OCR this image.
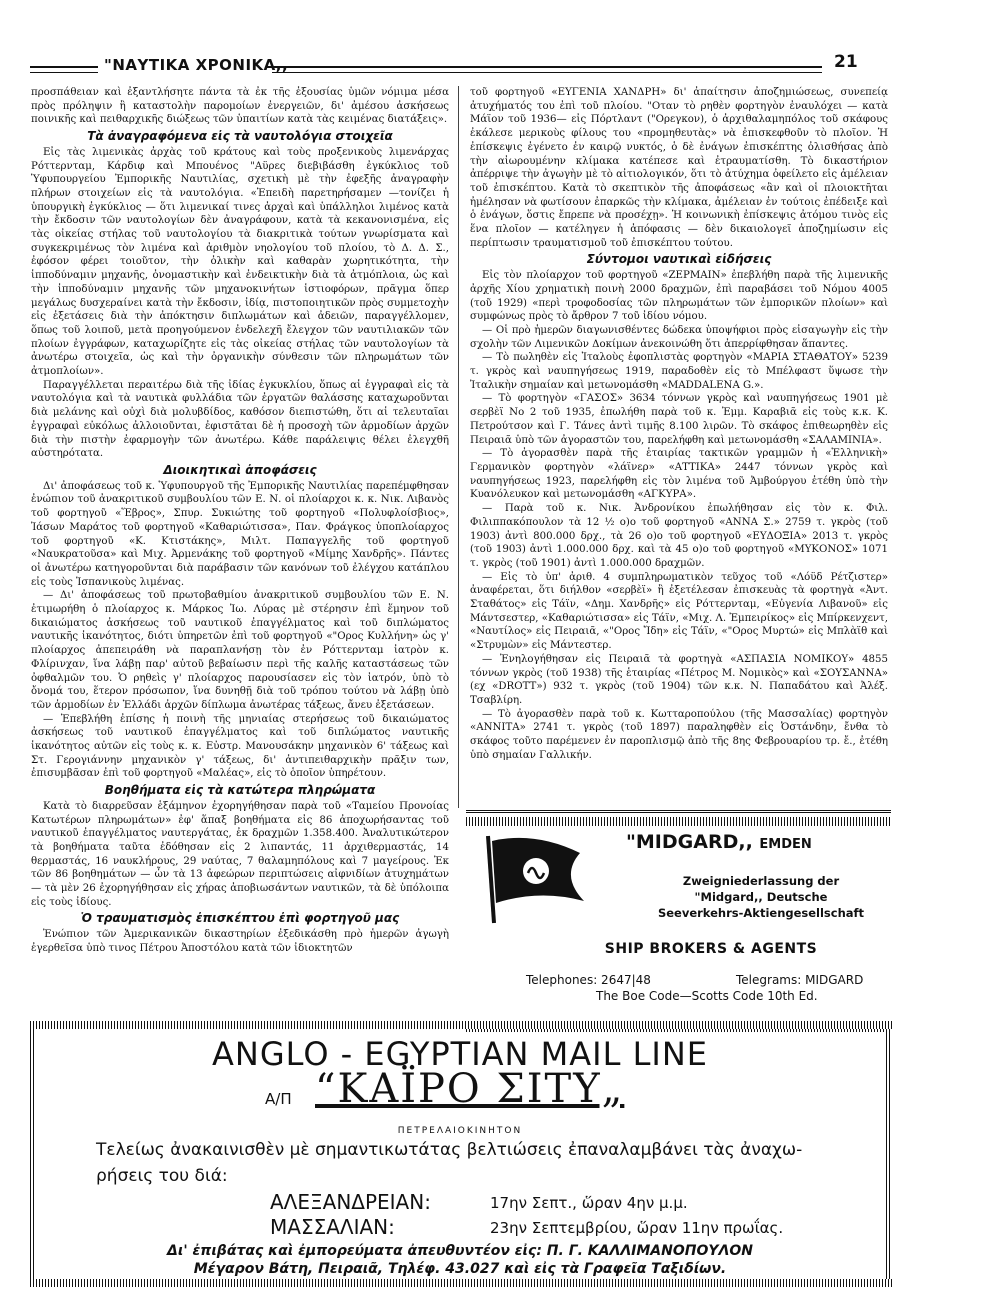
"ΝΑΥΤΙΚΑ ΧΡΟΝΙΚΑ,,	21

προσπάθειαν καὶ ἐξαντλήσητε πάντα τὰ ἐκ τῆς ἐξουσίας ὑμῶν νόμιμα μέσα πρὸς πρόληψιν ἢ καταστολὴν παρομοίων ἐνεργειῶν, δι' ἀμέσου ἀσκήσεως ποινικῆς καὶ πειθαρχικῆς διώξεως τῶν ὑπαιτίων κατὰ τὰς κειμένας διατάξεις».

Τὰ ἀναγραφόμενα εἰς τὰ ναυτολόγια στοιχεῖα

Εἰς τὰς λιμενικὰς ἀρχὰς τοῦ κράτους καὶ τοὺς προξενικοὺς λιμενάρχας Ρόττερνταμ, Κάρδιφ καὶ Μπουένος "Αϋρες διεβιβάσθη ἐγκύκλιος τοῦ Ὑφυπουργείου Ἐμπορικῆς Ναυτιλίας, σχετικὴ μὲ τὴν ἐφεξῆς ἀναγραφὴν πλήρων στοιχείων εἰς τὰ ναυτολόγια. «Ἐπειδὴ παρετηρήσαμεν —τονίζει ἡ ὑπουργικὴ ἐγκύκλιος — ὅτι λιμενικαί τινες ἀρχαὶ καὶ ὑπάλληλοι λιμένος κατὰ τὴν ἔκδοσιν τῶν ναυτολογίων δὲν ἀναγράφουν, κατὰ τὰ κεκανονισμένα, εἰς τὰς οἰκείας στήλας τοῦ ναυτολογίου τὰ διακριτικὰ τούτων γνωρίσματα καὶ συγκεκριμένως τὸν λιμένα καὶ ἀριθμὸν νηολογίου τοῦ πλοίου, τὸ Δ. Δ. Σ., ἐφόσον φέρει τοιοῦτον, τὴν ὁλικὴν καὶ καθαρὰν χωρητικότητα, τὴν ἱπποδύναμιν μηχανῆς, ὀνομαστικὴν καὶ ἐνδεικτικὴν διὰ τὰ ἀτμόπλοια, ὡς καὶ τὴν ἱπποδύναμιν μηχανῆς τῶν μηχανοκινήτων ἱστιοφόρων, πρᾶγμα ὅπερ μεγάλως δυσχεραίνει κατὰ τὴν ἔκδοσιν, ἰδίᾳ, πιστοποιητικῶν πρὸς συμμετοχὴν εἰς ἐξετάσεις διὰ τὴν ἀπόκτησιν διπλωμάτων καὶ ἀδειῶν, παραγγέλλομεν, ὅπως τοῦ λοιποῦ, μετὰ προηγούμενον ἐνδελεχῆ ἔλεγχον τῶν ναυτιλιακῶν τῶν πλοίων ἐγγράφων, καταχωρίζητε εἰς τὰς οἰκείας στήλας τῶν ναυτολογίων τὰ ἀνωτέρω στοιχεῖα, ὡς καὶ τὴν ὀργανικὴν σύνθεσιν τῶν πληρωμάτων τῶν ἀτμοπλοίων».

Παραγγέλλεται περαιτέρω διὰ τῆς ἰδίας ἐγκυκλίου, ὅπως αἱ ἐγγραφαὶ εἰς τὰ ναυτολόγια καὶ τὰ ναυτικὰ φυλλάδια τῶν ἐργατῶν θαλάσσης καταχωροῦνται διὰ μελάνης καὶ οὐχὶ διὰ μολυβδίδος, καθόσον διεπιστώθη, ὅτι αἱ τελευταῖαι ἐγγραφαὶ εὐκόλως ἀλλοιοῦνται, ἐφιστᾶται δὲ ἡ προσοχὴ τῶν ἁρμοδίων ἀρχῶν διὰ τὴν πιστὴν ἐφαρμογὴν τῶν ἀνωτέρω. Κάθε παράλειψις θέλει ἐλεγχθῆ αὐστηρότατα.

Διοικητικαὶ ἀποφάσεις

Δι' ἀποφάσεως τοῦ κ. Ὑφυπουργοῦ τῆς Ἐμπορικῆς Ναυτιλίας παρεπέμφθησαν ἐνώπιον τοῦ ἀνακριτικοῦ συμβουλίου τῶν Ε. Ν. οἱ πλοίαρχοι κ. κ. Νικ. Λιβανὸς τοῦ φορτηγοῦ «Ἕβρος», Σπυρ. Συκιώτης τοῦ φορτηγοῦ «Πολυφλοίσβιος», Ἰάσων Μαράτος τοῦ φορτηγοῦ «Καθαριώτισσα», Παν. Φράγκος ὑποπλοίαρχος τοῦ φορτηγοῦ «Κ. Κτιστάκης», Μιλτ. Παπαγγελῆς τοῦ φορτηγοῦ «Ναυκρατοῦσα» καὶ Μιχ. Ἀρμενάκης τοῦ φορτηγοῦ «Μίμης Χανδρῆς». Πάντες οἱ ἀνωτέρω κατηγοροῦνται διὰ παράβασιν τῶν κανόνων τοῦ ἐλέγχου κατάπλου εἰς τοὺς Ἱσπανικοὺς λιμένας.

— Δι' ἀποφάσεως τοῦ πρωτοβαθμίου ἀνακριτικοῦ συμβουλίου τῶν Ε. Ν. ἐτιμωρήθη ὁ πλοίαρχος κ. Μάρκος Ἰω. Λύρας μὲ στέρησιν ἐπὶ ἕμηνον τοῦ δικαιώματος ἀσκήσεως τοῦ ναυτικοῦ ἐπαγγέλματος καὶ τοῦ διπλώματος ναυτικῆς ἱκανότητος, διότι ὑπηρετῶν ἐπὶ τοῦ φορτηγοῦ «"Ορος Κυλλήνη» ὡς γ' πλοίαρχος ἀπεπειράθη νὰ παραπλανήσῃ τὸν ἐν Ρόττερνταμ ἰατρὸν κ. Φλίρινχαν, ἵνα λάβῃ παρ' αὐτοῦ βεβαίωσιν περὶ τῆς καλῆς καταστάσεως τῶν ὀφθαλμῶν του. Ὁ ρηθεὶς γ' πλοίαρχος παρουσίασεν εἰς τὸν ἰατρόν, ὑπὸ τὸ ὄνομά του, ἕτερον πρόσωπον, ἵνα δυνηθῇ διὰ τοῦ τρόπου τούτου νὰ λάβῃ ὑπὸ τῶν ἁρμοδίων ἐν Ἑλλάδι ἀρχῶν δίπλωμα ἀνωτέρας τάξεως, ἄνευ ἐξετάσεων.

— Ἐπεβλήθη ἐπίσης ἡ ποινὴ τῆς μηνιαίας στερήσεως τοῦ δικαιώματος ἀσκήσεως τοῦ ναυτικοῦ ἐπαγγέλματος καὶ τοῦ διπλώματος ναυτικῆς ἱκανότητος αὐτῶν εἰς τοὺς κ. κ. Εὐστρ. Μανουσάκην μηχανικὸν 6' τάξεως καὶ Στ. Γερογιάννην μηχανικὸν γ' τάξεως, δι' ἀντιπειθαρχικὴν πρᾶξιν των, ἐπισυμβᾶσαν ἐπὶ τοῦ φορτηγοῦ «Μαλέας», εἰς τὸ ὁποῖον ὑπηρέτουν.

Βοηθήματα εἰς τὰ κατώτερα πληρώματα

Κατὰ τὸ διαρρεῦσαν ἑξάμηνον ἐχορηγήθησαν παρὰ τοῦ «Ταμείου Προνοίας Κατωτέρων πληρωμάτων» ἐφ' ἅπαξ βοηθήματα εἰς 86 ἀποχωρήσαντας τοῦ ναυτικοῦ ἐπαγγέλματος ναυτεργάτας, ἐκ δραχμῶν 1.358.400. Ἀναλυτικώτερον τὰ βοηθήματα ταῦτα ἐδόθησαν εἰς 2 λιπαντάς, 11 ἀρχιθερμαστάς, 14 θερμαστάς, 16 ναυκλήρους, 29 ναύτας, 7 θαλαμηπόλους καὶ 7 μαγείρους. Ἐκ τῶν 86 βοηθημάτων — ὧν τὰ 13 ἀφεώρων περιπτώσεις αἰφνιδίων ἀτυχημάτων — τὰ μὲν 26 ἐχορηγήθησαν εἰς χήρας ἀποβιωσάντων ναυτικῶν, τὰ δὲ ὑπόλοιπα εἰς τοὺς ἰδίους.

Ὁ τραυματισμὸς ἐπισκέπτου ἐπὶ φορτηγοῦ μας

Ἐνώπιον τῶν Ἀμερικανικῶν δικαστηρίων ἐξεδικάσθη πρὸ ἡμερῶν ἀγωγὴ ἐγερθεῖσα ὑπὸ τινος Πέτρου Ἀποστόλου κατὰ τῶν ἰδιοκτητῶν

τοῦ φορτηγοῦ «ΕΥΓΕΝΙΑ ΧΑΝΔΡΗ» δι' ἀπαίτησιν ἀποζημιώσεως, συνεπείᾳ ἀτυχήματός του ἐπὶ τοῦ πλοίου. "Οταν τὸ ρηθὲν φορτηγὸν ἐναυλόχει — κατὰ Μάϊον τοῦ 1936— εἰς Πόρτλαντ ("Ορεγκον), ὁ ἀρχιθαλαμηπόλος τοῦ σκάφους ἐκάλεσε μερικοὺς φίλους του «προμηθευτὰς» νὰ ἐπισκεφθοῦν τὸ πλοῖον. Ἡ ἐπίσκεψις ἐγένετο ἐν καιρῷ νυκτός, ὁ δὲ ἐνάγων ἐπισκέπτης ὀλισθήσας ἀπὸ τὴν αἰωρουμένην κλίμακα κατέπεσε καὶ ἐτραυματίσθη. Τὸ δικαστήριον ἀπέρριψε τὴν ἀγωγὴν μὲ τὸ αἰτιολογικόν, ὅτι τὸ ἀτύχημα ὀφείλετο εἰς ἀμέλειαν τοῦ ἐπισκέπτου. Κατὰ τὸ σκεπτικὸν τῆς ἀποφάσεως «ἂν καὶ οἱ πλοιοκτῆται ἠμέλησαν νὰ φωτίσουν ἐπαρκῶς τὴν κλίμακα, ἀμέλειαν ἐν τούτοις ἐπέδειξε καὶ ὁ ἐνάγων, ὅστις ἔπρεπε νὰ προσέχῃ». Ἡ κοινωνικὴ ἐπίσκεψις ἀτόμου τινὸς εἰς ἕνα πλοῖον — κατέληγεν ἡ ἀπόφασις — δὲν δικαιολογεῖ ἀποζημίωσιν εἰς περίπτωσιν τραυματισμοῦ τοῦ ἐπισκέπτου τούτου.

Σύντομοι ναυτικαὶ εἰδήσεις

Εἰς τὸν πλοίαρχον τοῦ φορτηγοῦ «ΖΕΡΜΑΙΝ» ἐπεβλήθη παρὰ τῆς λιμενικῆς ἀρχῆς Χίου χρηματικὴ ποινὴ 2000 δραχμῶν, ἐπὶ παραβάσει τοῦ Νόμου 4005 (τοῦ 1929) «περὶ τροφοδοσίας τῶν πληρωμάτων τῶν ἐμπορικῶν πλοίων» καὶ συμφώνως πρὸς τὸ ἄρθρον 7 τοῦ ἰδίου νόμου.

— Οἱ πρὸ ἡμερῶν διαγωνισθέντες δώδεκα ὑποψήφιοι πρὸς εἰσαγωγὴν εἰς τὴν σχολὴν τῶν Λιμενικῶν Δοκίμων ἀνεκοινώθη ὅτι ἀπερρίφθησαν ἅπαντες.

— Τὸ πωληθὲν εἰς Ἰταλοὺς ἐφοπλιστὰς φορτηγὸν «ΜΑΡΙΑ ΣΤΑΘΑΤΟΥ» 5239 τ. γκρὸς καὶ ναυπηγήσεως 1919, παραδοθὲν εἰς τὸ Μπέλφαστ ὕψωσε τὴν Ἰταλικὴν σημαίαν καὶ μετωνομάσθη «MADDALENA G.».

— Τὸ φορτηγὸν «ΓΑΣΟΣ» 3634 τόννων γκρὸς καὶ ναυπηγήσεως 1901 μὲ σερβὲϊ Νο 2 τοῦ 1935, ἐπωλήθη παρὰ τοῦ κ. Ἐμμ. Καραβιᾶ εἰς τοὺς κ.κ. Κ. Πετρούτσον καὶ Γ. Τάνες ἀντὶ τιμῆς 8.100 λιρῶν. Τὸ σκάφος ἐπιθεωρηθὲν εἰς Πειραιᾶ ὑπὸ τῶν ἀγοραστῶν του, παρελήφθη καὶ μετωνομάσθη «ΣΑΛΑΜΙΝΙΑ».

— Τὸ ἀγορασθὲν παρὰ τῆς ἑταιρίας τακτικῶν γραμμῶν ἡ «Ἑλληνικὴ» Γερμανικὸν φορτηγὸν «λάϊνερ» «ΑΤΤΙΚΑ» 2447 τόννων γκρὸς καὶ ναυπηγήσεως 1923, παρελήφθη εἰς τὸν λιμένα τοῦ Ἀμβούργου ἐτέθη ὑπὸ τὴν Κυανόλευκον καὶ μετωνομάσθη «ΑΓΚΥΡΑ».

— Παρὰ τοῦ κ. Νικ. Ἀνδρονίκου ἐπωλήθησαν εἰς τὸν κ. Φιλ. Φιλιππακόπουλον τὰ 12 ½ ο)ο τοῦ φορτηγοῦ «ΑΝΝΑ Σ.» 2759 τ. γκρὸς (τοῦ 1903) ἀντὶ 800.000 δρχ., τὰ 26 ο)ο τοῦ φορτηγοῦ «ΕΥΔΟΞΙΑ» 2013 τ. γκρὸς (τοῦ 1903) ἀντὶ 1.000.000 δρχ. καὶ τὰ 45 ο)ο τοῦ φορτηγοῦ «ΜΥΚΟΝΟΣ» 1071 τ. γκρὸς (τοῦ 1901) ἀντὶ 1.000.000 δραχμῶν.

— Εἰς τὸ ὑπ' ἀριθ. 4 συμπληρωματικὸν τεῦχος τοῦ «Λόϋδ Ρέτζιστερ» ἀναφέρεται, ὅτι διήλθον «σερβὲϊ» ἢ ἐξετέλεσαν ἐπισκευὰς τὰ φορτηγὰ «Ἀντ. Σταθάτος» εἰς Τάϊν, «Δημ. Χανδρῆς» εἰς Ρόττερνταμ, «Εὐγενία Λιβανοῦ» εἰς Μάντσεστερ, «Καθαριώτισσα» εἰς Τάϊν, «Μιχ. Λ. Ἐμπειρίκος» εἰς Μπίρκενχεντ, «Ναυτίλος» εἰς Πειραιᾶ, «"Ορος Ἴδη» εἰς Τάϊν, «"Ορος Μυρτώ» εἰς Μπλὰϊθ καὶ «Στρυμὼν» εἰς Μάντεστερ.

— Ἐνηλογήθησαν εἰς Πειραιᾶ τὰ φορτηγὰ «ΑΣΠΑΣΙΑ ΝΟΜΙΚΟΥ» 4855 τόννων γκρὸς (τοῦ 1938) τῆς ἑταιρίας «Πέτρος Μ. Νομικὸς» καὶ «ΣΟΥΣΑΝΝΑ» (εχ «DROTT») 932 τ. γκρὸς (τοῦ 1904) τῶν κ.κ. Ν. Παπαδάτου καὶ Ἀλέξ. Τσαβλίρη.

— Τὸ ἀγορασθὲν παρὰ τοῦ κ. Κωτταροπούλου (τῆς Μασσαλίας) φορτηγὸν «ΑΝΝΙΤΑ» 2741 τ. γκρὸς (τοῦ 1897) παραληφθὲν εἰς Ὀστάνδην, ἔνθα τὸ σκάφος τοῦτο παρέμενεν ἐν παροπλισμῷ ἀπὸ τῆς 8ης Φεβρουαρίου τρ. ἔ., ἐτέθη ὑπὸ σημαίαν Γαλλικήν.

"MIDGARD,, EMDEN
Zweigniederlassung der
"Midgard,, Deutsche
Seeverkehrs-Aktiengesellschaft
SHIP BROKERS & AGENTS
Telephones: 2647|48	Telegrams: MIDGARD
The Boe Code—Scotts Code 10th Ed.
ANGLO - EGYPTIAN MAIL LINE
Α/Π “ΚΑΪΡΟ ΣΙΤΥ„
ΠΕΤΡΕΛΑΙΟΚΙΝΗΤΟΝ
Τελείως ἀνακαινισθὲν μὲ σημαντικωτάτας βελτιώσεις ἐπαναλαμβάνει τὰς ἀναχω-
ρήσεις του διά:
ΑΛΕΞΑΝΔΡΕΙΑΝ:	17ην Σεπτ., ὥραν 4ην μ.μ.
ΜΑΣΣΑΛΙΑΝ:	23ην Σεπτεμβρίου, ὥραν 11ην πρωΐας.
Δι' ἐπιβάτας καὶ ἐμπορεύματα ἀπευθυντέον εἰς: Π. Γ. ΚΑΛΛΙΜΑΝΟΠΟΥΛΟΝ
Μέγαρον Βάτη, Πειραιᾶ, Τηλέφ. 43.027 καὶ εἰς τὰ Γραφεῖα Ταξιδίων.
